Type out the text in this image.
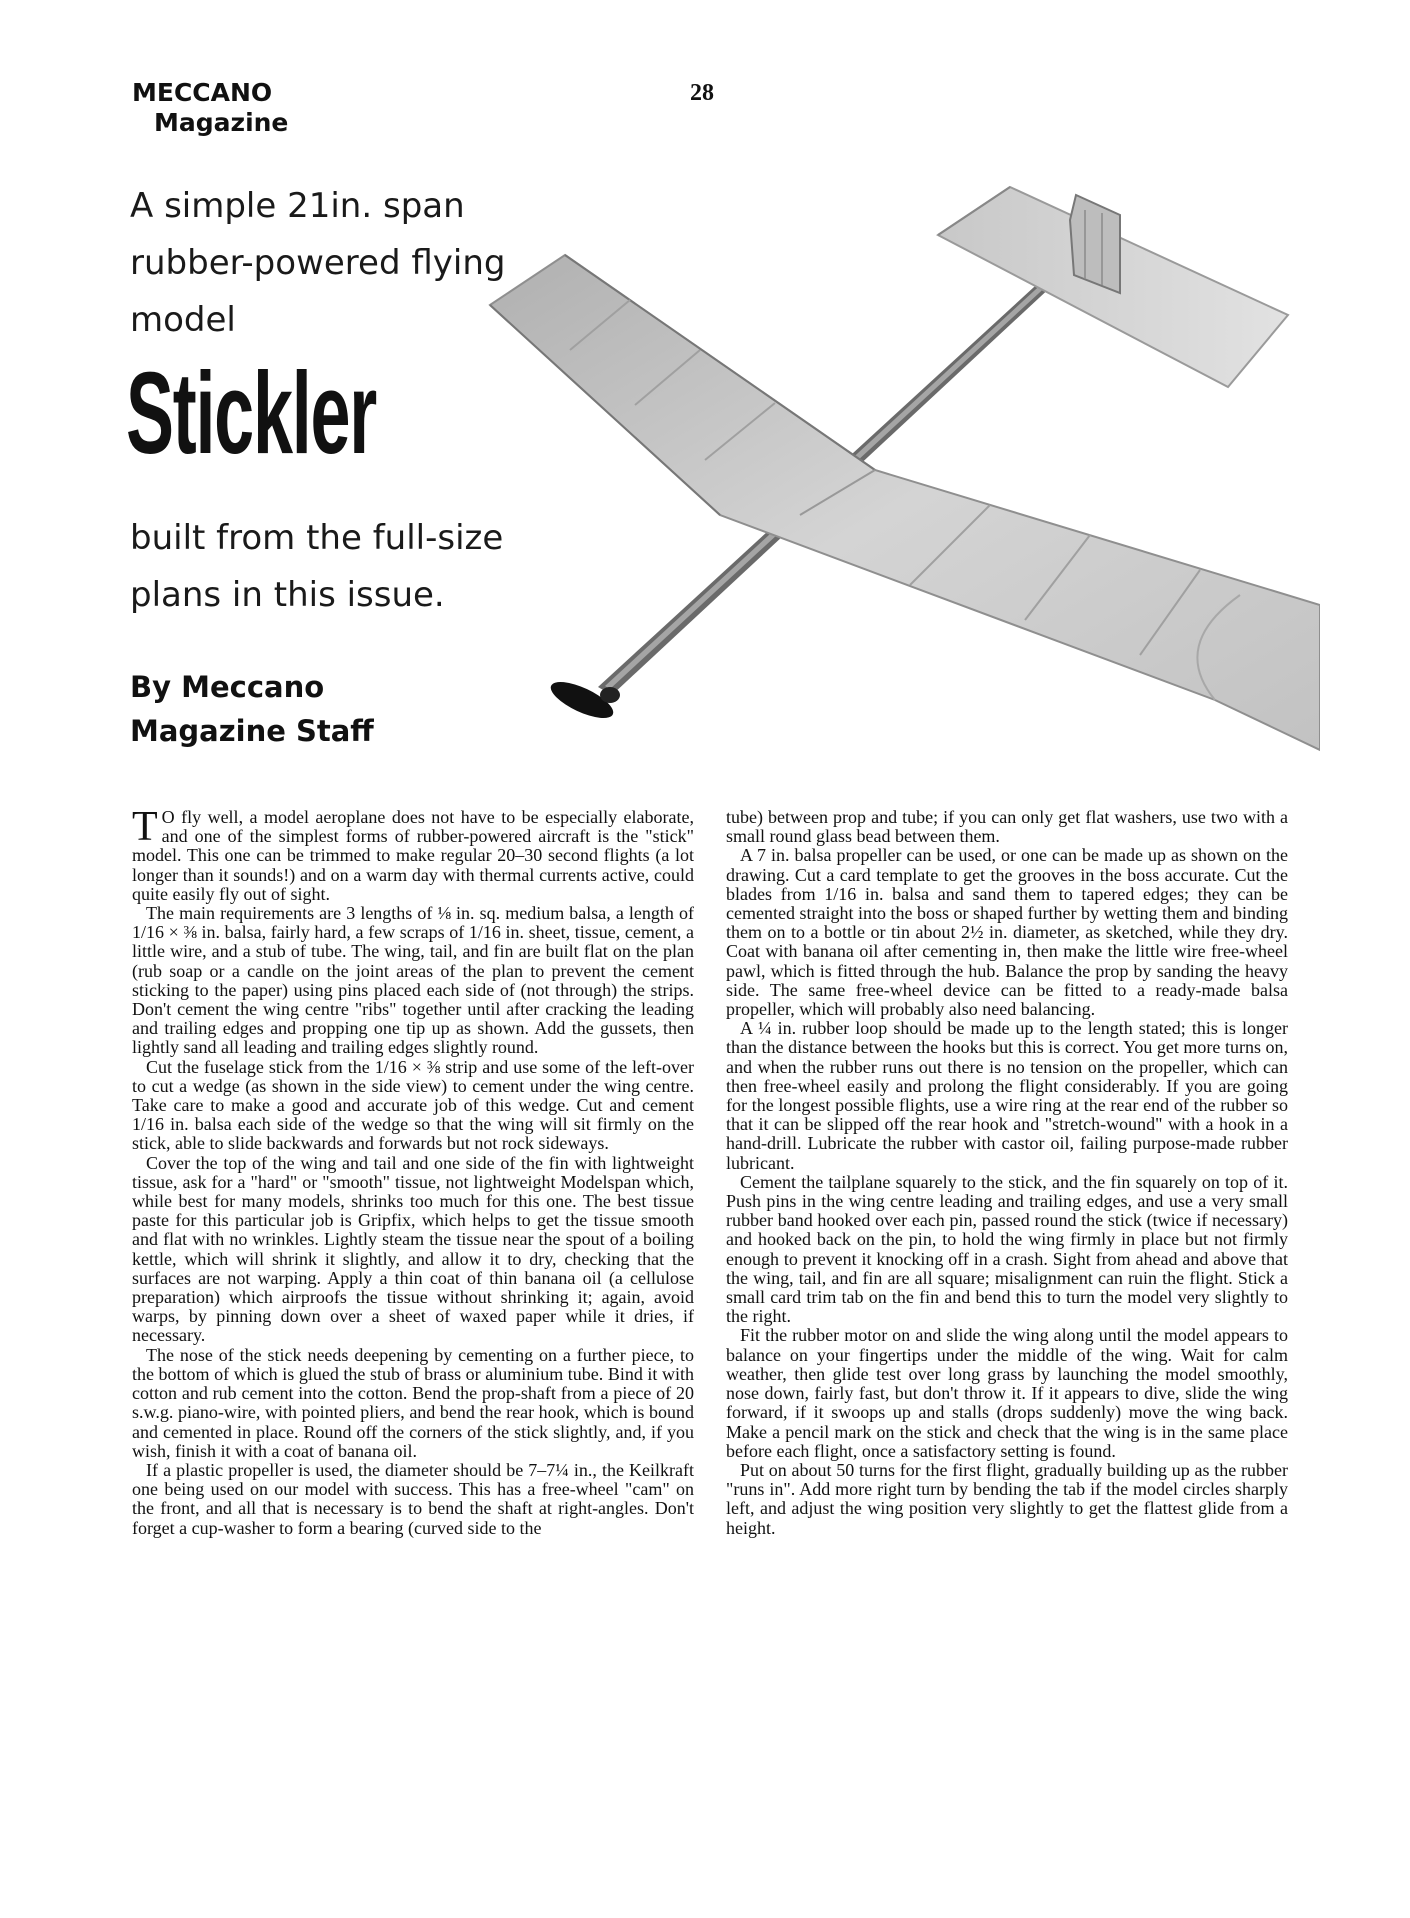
MECCANO
Magazine
28
A simple 21in. span rubber-powered flying model
Stickler
built from the full-size plans in this issue.
By Meccano Magazine Staff

T O fly well, a model aeroplane does not have to be especially elaborate, and one of the simplest forms of rubber-powered aircraft is the "stick" model. This one can be trimmed to make regular 20–30 second flights (a lot longer than it sounds!) and on a warm day with thermal currents active, could quite easily fly out of sight.

The main requirements are 3 lengths of ⅛ in. sq. medium balsa, a length of 1/16 × ⅜ in. balsa, fairly hard, a few scraps of 1/16 in. sheet, tissue, cement, a little wire, and a stub of tube. The wing, tail, and fin are built flat on the plan (rub soap or a candle on the joint areas of the plan to prevent the cement sticking to the paper) using pins placed each side of (not through) the strips. Don't cement the wing centre "ribs" together until after cracking the leading and trailing edges and propping one tip up as shown. Add the gussets, then lightly sand all leading and trailing edges slightly round.

Cut the fuselage stick from the 1/16 × ⅜ strip and use some of the left-over to cut a wedge (as shown in the side view) to cement under the wing centre. Take care to make a good and accurate job of this wedge. Cut and cement 1/16 in. balsa each side of the wedge so that the wing will sit firmly on the stick, able to slide backwards and forwards but not rock sideways.

Cover the top of the wing and tail and one side of the fin with lightweight tissue, ask for a "hard" or "smooth" tissue, not lightweight Modelspan which, while best for many models, shrinks too much for this one. The best tissue paste for this particular job is Gripfix, which helps to get the tissue smooth and flat with no wrinkles. Lightly steam the tissue near the spout of a boiling kettle, which will shrink it slightly, and allow it to dry, checking that the surfaces are not warping. Apply a thin coat of thin banana oil (a cellulose preparation) which airproofs the tissue without shrinking it; again, avoid warps, by pinning down over a sheet of waxed paper while it dries, if necessary.

The nose of the stick needs deepening by cementing on a further piece, to the bottom of which is glued the stub of brass or aluminium tube. Bind it with cotton and rub cement into the cotton. Bend the prop-shaft from a piece of 20 s.w.g. piano-wire, with pointed pliers, and bend the rear hook, which is bound and cemented in place. Round off the corners of the stick slightly, and, if you wish, finish it with a coat of banana oil.

If a plastic propeller is used, the diameter should be 7–7¼ in., the Keilkraft one being used on our model with success. This has a free-wheel "cam" on the front, and all that is necessary is to bend the shaft at right-angles. Don't forget a cup-washer to form a bearing (curved side to the

tube) between prop and tube; if you can only get flat washers, use two with a small round glass bead between them.

A 7 in. balsa propeller can be used, or one can be made up as shown on the drawing. Cut a card template to get the grooves in the boss accurate. Cut the blades from 1/16 in. balsa and sand them to tapered edges; they can be cemented straight into the boss or shaped further by wetting them and binding them on to a bottle or tin about 2½ in. diameter, as sketched, while they dry. Coat with banana oil after cementing in, then make the little wire free-wheel pawl, which is fitted through the hub. Balance the prop by sanding the heavy side. The same free-wheel device can be fitted to a ready-made balsa propeller, which will probably also need balancing.

A ¼ in. rubber loop should be made up to the length stated; this is longer than the distance between the hooks but this is correct. You get more turns on, and when the rubber runs out there is no tension on the propeller, which can then free-wheel easily and prolong the flight considerably. If you are going for the longest possible flights, use a wire ring at the rear end of the rubber so that it can be slipped off the rear hook and "stretch-wound" with a hook in a hand-drill. Lubricate the rubber with castor oil, failing purpose-made rubber lubricant.

Cement the tailplane squarely to the stick, and the fin squarely on top of it. Push pins in the wing centre leading and trailing edges, and use a very small rubber band hooked over each pin, passed round the stick (twice if necessary) and hooked back on the pin, to hold the wing firmly in place but not firmly enough to prevent it knocking off in a crash. Sight from ahead and above that the wing, tail, and fin are all square; misalignment can ruin the flight. Stick a small card trim tab on the fin and bend this to turn the model very slightly to the right.

Fit the rubber motor on and slide the wing along until the model appears to balance on your fingertips under the middle of the wing. Wait for calm weather, then glide test over long grass by launching the model smoothly, nose down, fairly fast, but don't throw it. If it appears to dive, slide the wing forward, if it swoops up and stalls (drops suddenly) move the wing back. Make a pencil mark on the stick and check that the wing is in the same place before each flight, once a satisfactory setting is found.

Put on about 50 turns for the first flight, gradually building up as the rubber "runs in". Add more right turn by bending the tab if the model circles sharply left, and adjust the wing position very slightly to get the flattest glide from a height.
